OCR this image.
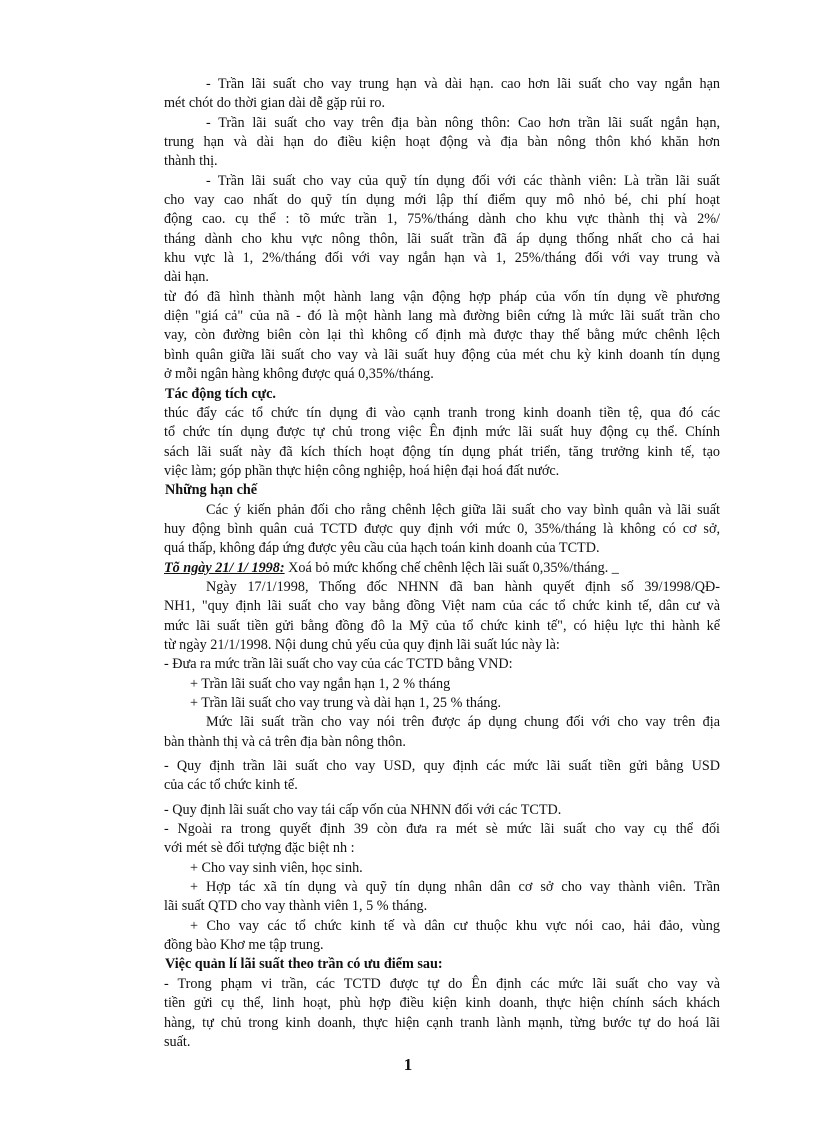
- Trần lãi suất cho vay trung hạn và dài hạn. cao hơn lãi suất cho vay ngắn hạn

mét chót do thời gian dài dễ gặp rủi ro.

- Trần lãi suất cho vay trên địa bàn nông thôn: Cao hơn trần lãi suất ngắn hạn,

trung hạn và dài hạn do điều kiện hoạt động và địa bàn nông thôn khó khăn hơn

thành thị.

- Trần lãi suất cho vay của quỹ tín dụng đối với các thành viên: Là trần lãi suất

cho vay cao nhất do quỹ tín dụng mới lập thí điểm quy mô nhỏ bé, chi phí hoạt

động cao. cụ thể : tõ mức trần 1, 75%/tháng dành cho khu vực thành thị và 2%/

tháng dành cho khu vực nông thôn, lãi suất trần đã áp dụng thống nhất cho cả hai

khu vực là 1, 2%/tháng đối với vay ngắn hạn và 1, 25%/tháng đối với vay trung và

dài hạn.

từ đó đã hình thành một hành lang vận động hợp pháp của vốn tín dụng về phương

diện "giá cả" của nã - đó là một hành lang mà đường biên cứng là mức lãi suất trần cho

vay, còn đường biên còn lại thì không cố định mà được thay thế bằng mức chênh lệch

bình quân giữa lãi suất cho vay và lãi suất huy động của mét chu kỳ kinh doanh tín dụng

ở mỗi ngân hàng không được quá 0,35%/tháng.

Tác động tích cực.

thúc đẩy các tổ chức tín dụng đi vào cạnh tranh trong kinh doanh tiền tệ, qua đó các

tổ chức tín dụng được tự chủ trong việc Ên định mức lãi suất huy động cụ thể. Chính

sách lãi suất này đã kích thích hoạt động tín dụng phát triển, tăng trưởng kinh tế, tạo

việc làm; góp phần thực hiện công nghiệp, hoá hiện đại hoá đất nước.

Những hạn chế

Các ý kiến phản đối cho rằng chênh lệch giữa lãi suất cho vay bình quân và lãi suất

huy động bình quân cuả TCTD được quy định với mức 0, 35%/tháng là không có cơ sở,

quá thấp, không đáp ứng được yêu cầu của hạch toán kinh doanh của TCTD.

Tõ ngày 21/ 1/ 1998: Xoá bỏ mức khống chế chênh lệch lãi suất 0,35%/tháng. _

Ngày 17/1/1998, Thống đốc NHNN đã ban hành quyết định số 39/1998/QĐ-

NH1, "quy định lãi suất cho vay bằng đồng Việt nam của các tổ chức kinh tế, dân cư và

mức lãi suất tiền gửi bằng đồng đô la Mỹ của tổ chức kinh tế", có hiệu lực thi hành kể

từ ngày 21/1/1998. Nội dung chủ yếu của quy định lãi suất lúc này là:

- Đưa ra mức trần lãi suất cho vay của các TCTD bằng VND:

+ Trần lãi suất cho vay ngắn hạn 1, 2 % tháng

+ Trần lãi suất cho vay trung và dài hạn 1, 25 % tháng.

Mức lãi suất trần cho vay nói trên được áp dụng chung đối với cho vay trên địa

bàn thành thị và cả trên địa bàn nông thôn.

- Quy định trần lãi suất cho vay USD, quy định các mức lãi suất tiền gửi bằng USD

của các tổ chức kinh tế.

- Quy định lãi suất cho vay tái cấp vốn của NHNN đối với các TCTD.

- Ngoài ra trong quyết định 39 còn đưa ra mét sè mức lãi suất cho vay cụ thể đối

với mét sè đối tượng đặc biệt nh :

+ Cho vay sinh viên, học sinh.

+ Hợp tác xã tín dụng và quỹ tín dụng nhân dân cơ sở cho vay thành viên. Trần

lãi suất QTD cho vay thành viên 1, 5 % tháng.

+ Cho vay các tổ chức kinh tế và dân cư thuộc khu vực nói cao, hải đảo, vùng

đồng bào Khơ me tập trung.

Việc quản lí lãi suất theo trần có ưu điểm sau:

- Trong phạm vi trần, các TCTD được tự do Ên định các mức lãi suất cho vay và

tiền gửi cụ thể, linh hoạt, phù hợp điều kiện kinh doanh, thực hiện chính sách khách

hàng, tự chủ trong kinh doanh, thực hiện cạnh tranh lành mạnh, từng bước tự do hoá lãi

suất.

1
